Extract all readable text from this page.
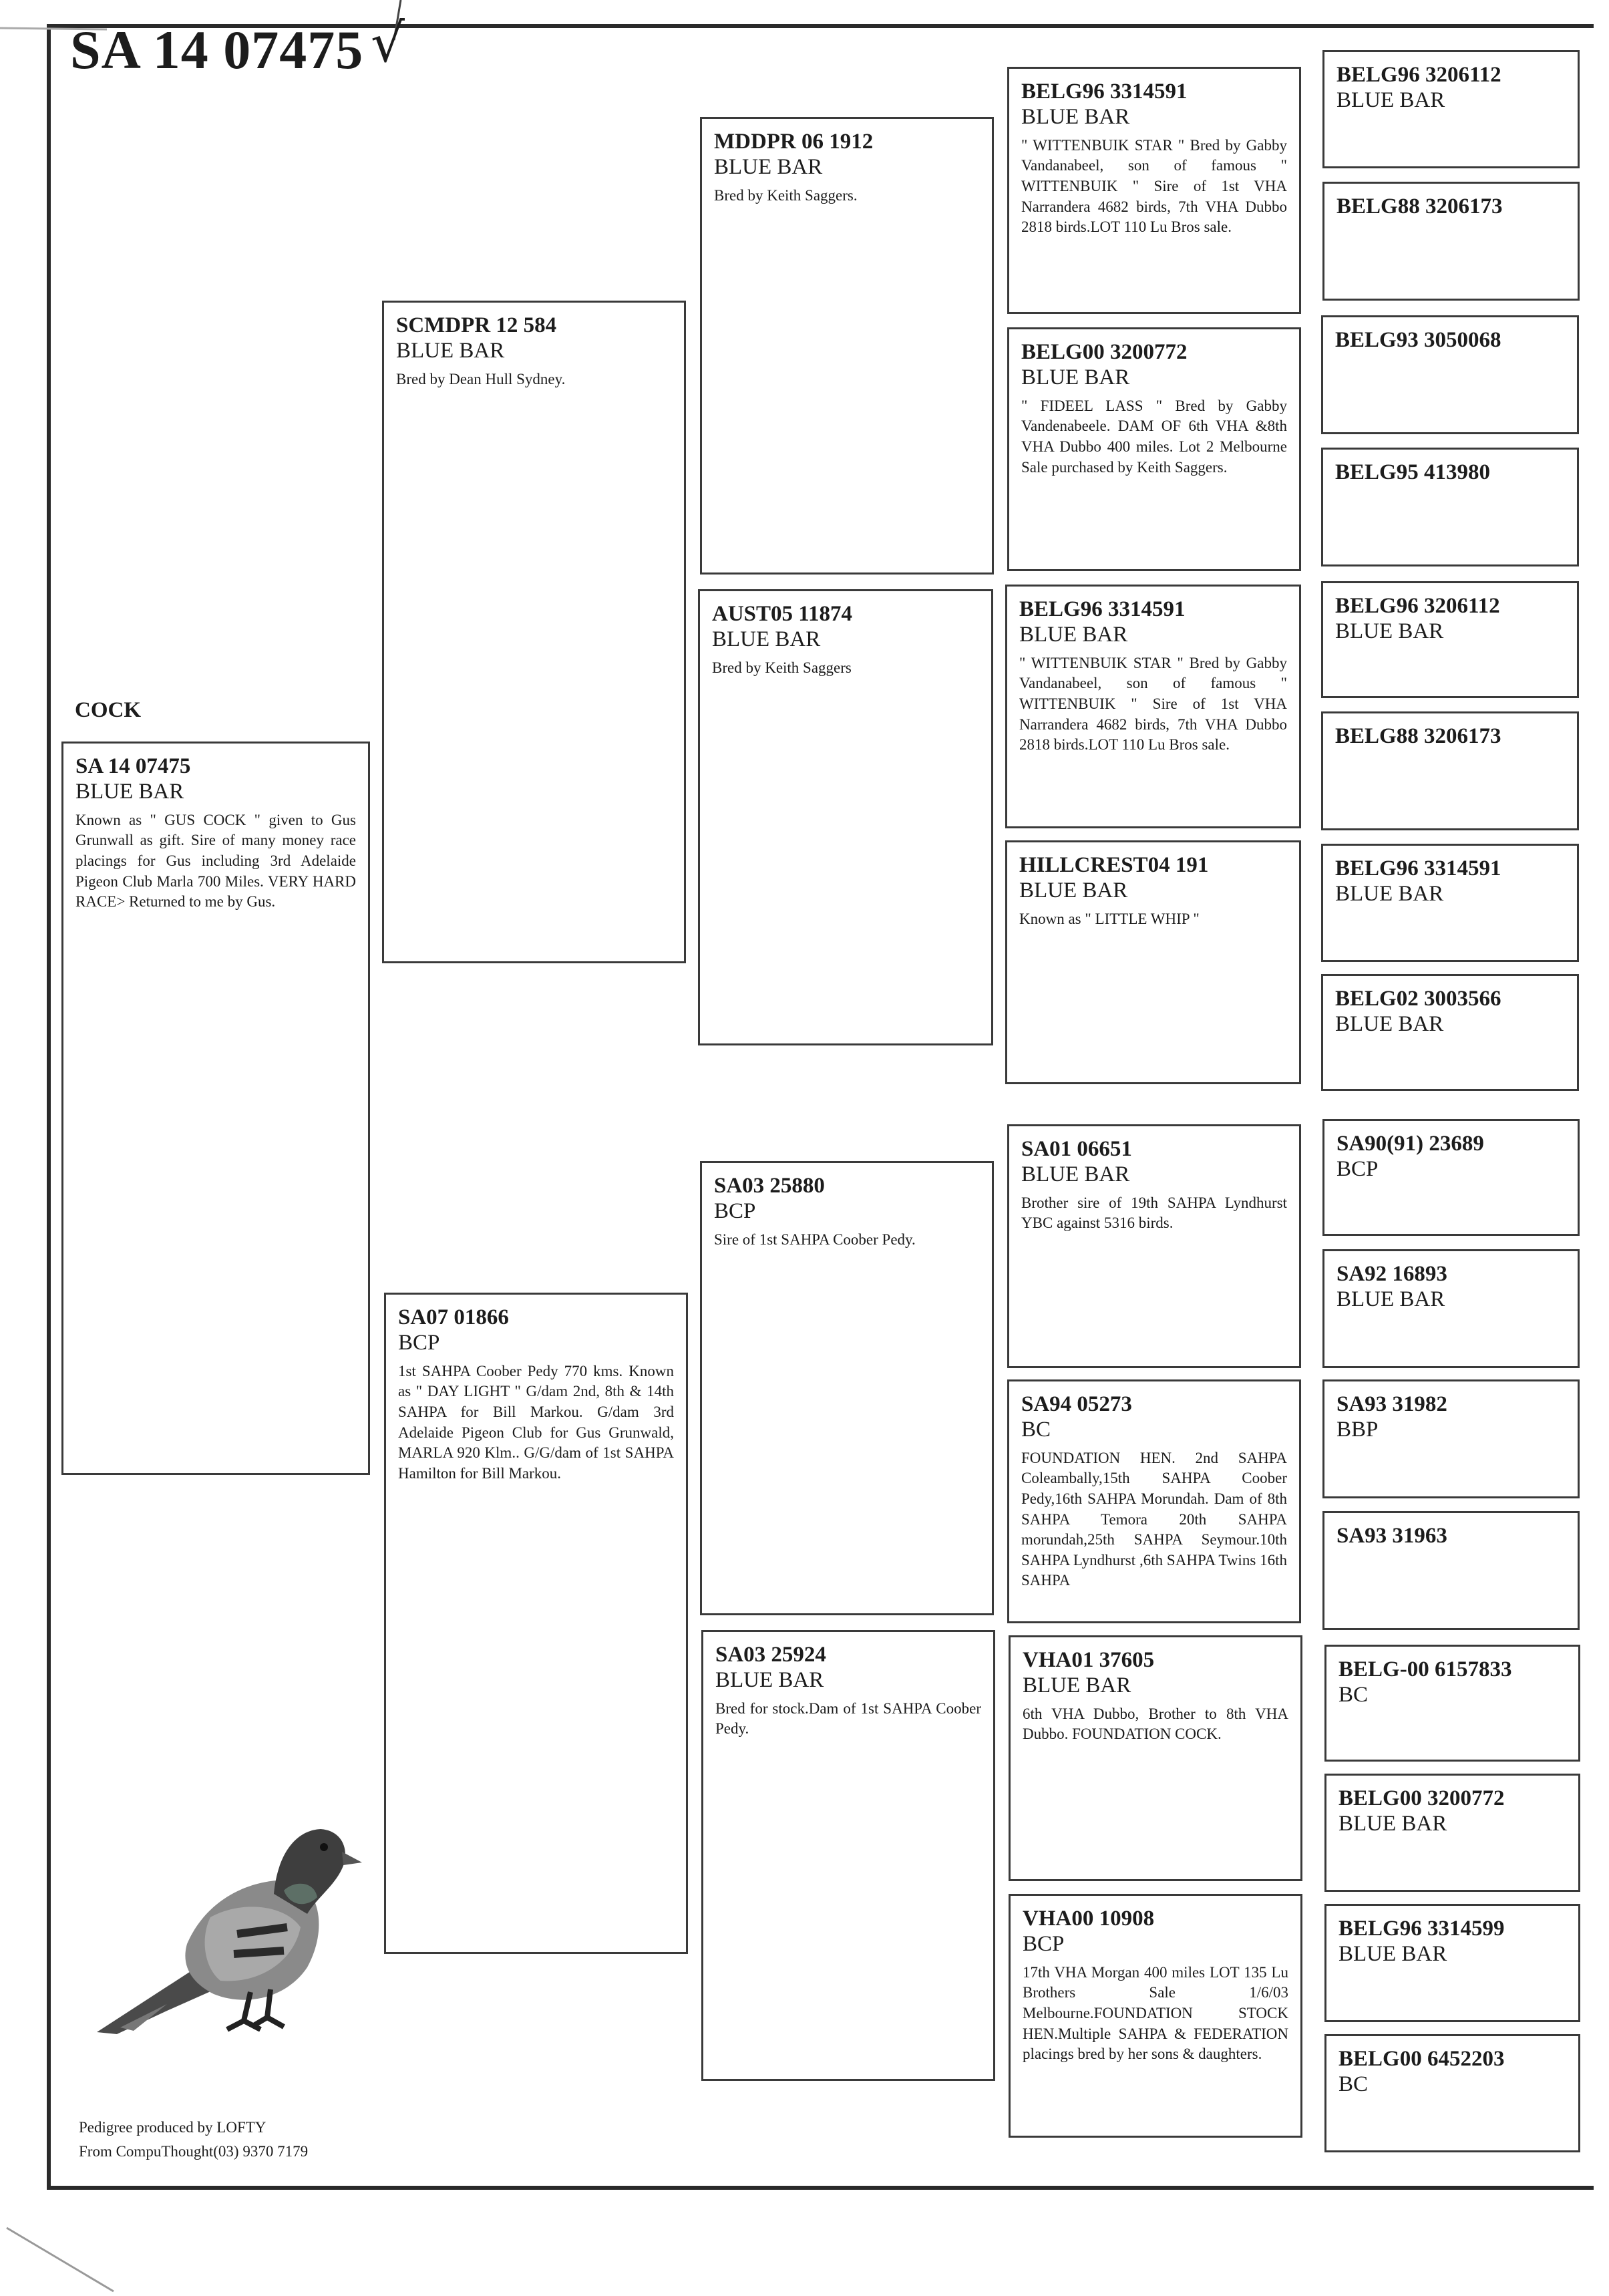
SA 14 07475 √
COCK
SA 14 07475
BLUE BAR
Known as " GUS COCK " given to Gus Grunwall as gift. Sire of many money race placings for Gus including 3rd Adelaide Pigeon Club Marla 700 Miles. VERY HARD RACE> Returned to me by Gus.
SCMDPR 12 584
BLUE BAR
Bred by Dean Hull Sydney.
SA07 01866
BCP
1st SAHPA Coober Pedy 770 kms. Known as " DAY LIGHT " G/dam 2nd, 8th & 14th SAHPA for Bill Markou. G/dam 3rd Adelaide Pigeon Club for Gus Grunwald, MARLA 920 Klm.. G/G/dam of 1st SAHPA Hamilton for Bill Markou.
MDDPR 06 1912
BLUE BAR
Bred by Keith Saggers.
AUST05 11874
BLUE BAR
Bred by Keith Saggers
SA03 25880
BCP
Sire of 1st SAHPA Coober Pedy.
SA03 25924
BLUE BAR
Bred for stock.Dam of 1st SAHPA Coober Pedy.
BELG96 3314591
BLUE BAR
" WITTENBUIK STAR " Bred by Gabby Vandanabeel, son of famous " WITTENBUIK " Sire of 1st VHA Narrandera 4682 birds, 7th VHA Dubbo 2818 birds.LOT 110 Lu Bros sale.
BELG00 3200772
BLUE BAR
" FIDEEL LASS " Bred by Gabby Vandenabeele. DAM OF 6th VHA &8th VHA Dubbo 400 miles. Lot 2 Melbourne Sale purchased by Keith Saggers.
BELG96 3314591
BLUE BAR
" WITTENBUIK STAR " Bred by Gabby Vandanabeel, son of famous " WITTENBUIK " Sire of 1st VHA Narrandera 4682 birds, 7th VHA Dubbo 2818 birds.LOT 110 Lu Bros sale.
HILLCREST04 191
BLUE BAR
Known as " LITTLE WHIP "
SA01 06651
BLUE BAR
Brother sire of 19th SAHPA Lyndhurst YBC against 5316 birds.
SA94 05273
BC
FOUNDATION HEN. 2nd SAHPA Coleambally,15th SAHPA Coober Pedy,16th SAHPA Morundah. Dam of 8th SAHPA Temora 20th SAHPA morundah,25th SAHPA Seymour.10th SAHPA Lyndhurst ,6th SAHPA Twins 16th SAHPA
VHA01 37605
BLUE BAR
6th VHA Dubbo, Brother to 8th VHA Dubbo. FOUNDATION COCK.
VHA00 10908
BCP
17th VHA Morgan 400 miles LOT 135 Lu Brothers Sale 1/6/03 Melbourne.FOUNDATION STOCK HEN.Multiple SAHPA & FEDERATION placings bred by her sons & daughters.
BELG96 3206112
BLUE BAR
BELG88 3206173
BELG93 3050068
BELG95 413980
BELG96 3206112
BLUE BAR
BELG88 3206173
BELG96 3314591
BLUE BAR
BELG02 3003566
BLUE BAR
SA90(91) 23689
BCP
SA92 16893
BLUE BAR
SA93 31982
BBP
SA93 31963
BELG-00 6157833
BC
BELG00 3200772
BLUE BAR
BELG96 3314599
BLUE BAR
BELG00 6452203
BC
Pedigree produced by LOFTY
From CompuThought(03) 9370 7179
